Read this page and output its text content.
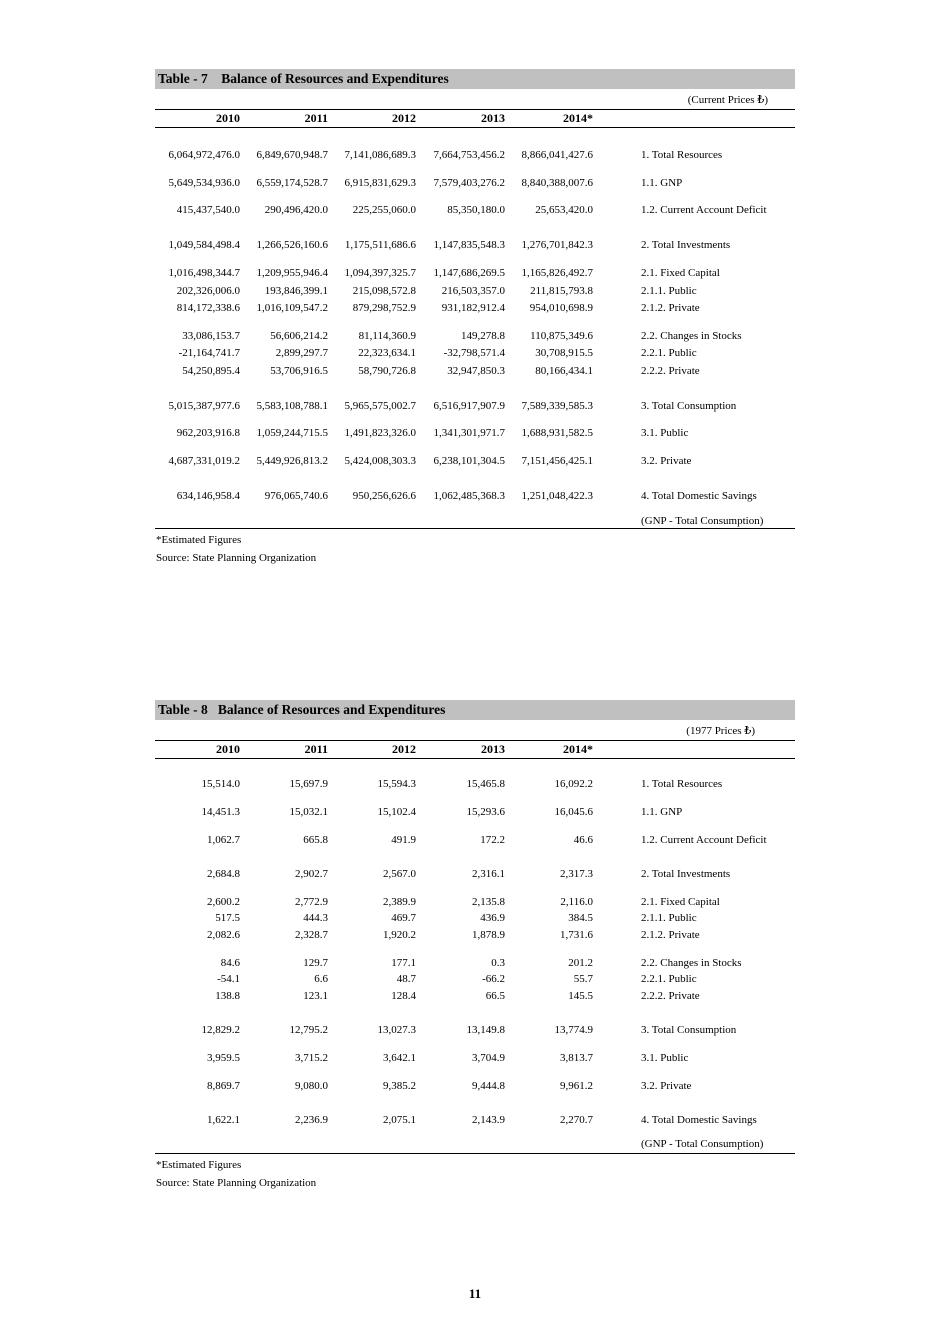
Table - 7    Balance of Resources and Expenditures
(Current Prices ₺)
2010	2011	2012	2013	2014*
6,064,972,476.0 6,849,670,948.7 7,141,086,689.3 7,664,753,456.2 8,866,041,427.6	1. Total Resources
5,649,534,936.0 6,559,174,528.7 6,915,831,629.3 7,579,403,276.2 8,840,388,007.6	1.1. GNP
415,437,540.0 290,496,420.0 225,255,060.0	85,350,180.0	25,653,420.0	1.2. Current Account Deficit
1,049,584,498.4 1,266,526,160.6 1,175,511,686.6 1,147,835,548.3 1,276,701,842.3	2. Total Investments
1,016,498,344.7 1,209,955,946.4 1,094,397,325.7 1,147,686,269.5 1,165,826,492.7	2.1. Fixed Capital
202,326,006.0 193,846,399.1 215,098,572.8 216,503,357.0 211,815,793.8	2.1.1. Public
814,172,338.6 1,016,109,547.2 879,298,752.9 931,182,912.4 954,010,698.9	2.1.2. Private
33,086,153.7	56,606,214.2	81,114,360.9	149,278.8 110,875,349.6	2.2. Changes in Stocks
-21,164,741.7	2,899,297.7	22,323,634.1	-32,798,571.4	30,708,915.5	2.2.1. Public
54,250,895.4	53,706,916.5	58,790,726.8	32,947,850.3	80,166,434.1	2.2.2. Private
5,015,387,977.6 5,583,108,788.1 5,965,575,002.7 6,516,917,907.9 7,589,339,585.3	3. Total Consumption
962,203,916.8 1,059,244,715.5 1,491,823,326.0 1,341,301,971.7 1,688,931,582.5	3.1. Public
4,687,331,019.2 5,449,926,813.2 5,424,008,303.3 6,238,101,304.5 7,151,456,425.1	3.2. Private
634,146,958.4 976,065,740.6 950,256,626.6 1,062,485,368.3 1,251,048,422.3	4. Total Domestic Savings
(GNP - Total Consumption)
*Estimated Figures
Source: State Planning Organization
Table - 8   Balance of Resources and Expenditures
(1977 Prices ₺)
2010	2011	2012	2013	2014*
15,514.0	15,697.9	15,594.3	15,465.8	16,092.2	1. Total Resources
14,451.3	15,032.1	15,102.4	15,293.6	16,045.6	1.1. GNP
1,062.7	665.8	491.9	172.2	46.6	1.2. Current Account Deficit
2,684.8	2,902.7	2,567.0	2,316.1	2,317.3	2. Total Investments
2,600.2	2,772.9	2,389.9	2,135.8	2,116.0	2.1. Fixed Capital
517.5	444.3	469.7	436.9	384.5	2.1.1. Public
2,082.6	2,328.7	1,920.2	1,878.9	1,731.6	2.1.2. Private
84.6	129.7	177.1	0.3	201.2	2.2. Changes in Stocks
-54.1	6.6	48.7	-66.2	55.7	2.2.1. Public
138.8	123.1	128.4	66.5	145.5	2.2.2. Private
12,829.2	12,795.2	13,027.3	13,149.8	13,774.9	3. Total Consumption
3,959.5	3,715.2	3,642.1	3,704.9	3,813.7	3.1. Public
8,869.7	9,080.0	9,385.2	9,444.8	9,961.2	3.2. Private
1,622.1	2,236.9	2,075.1	2,143.9	2,270.7	4. Total Domestic Savings
(GNP - Total Consumption)
*Estimated Figures
Source: State Planning Organization
11
